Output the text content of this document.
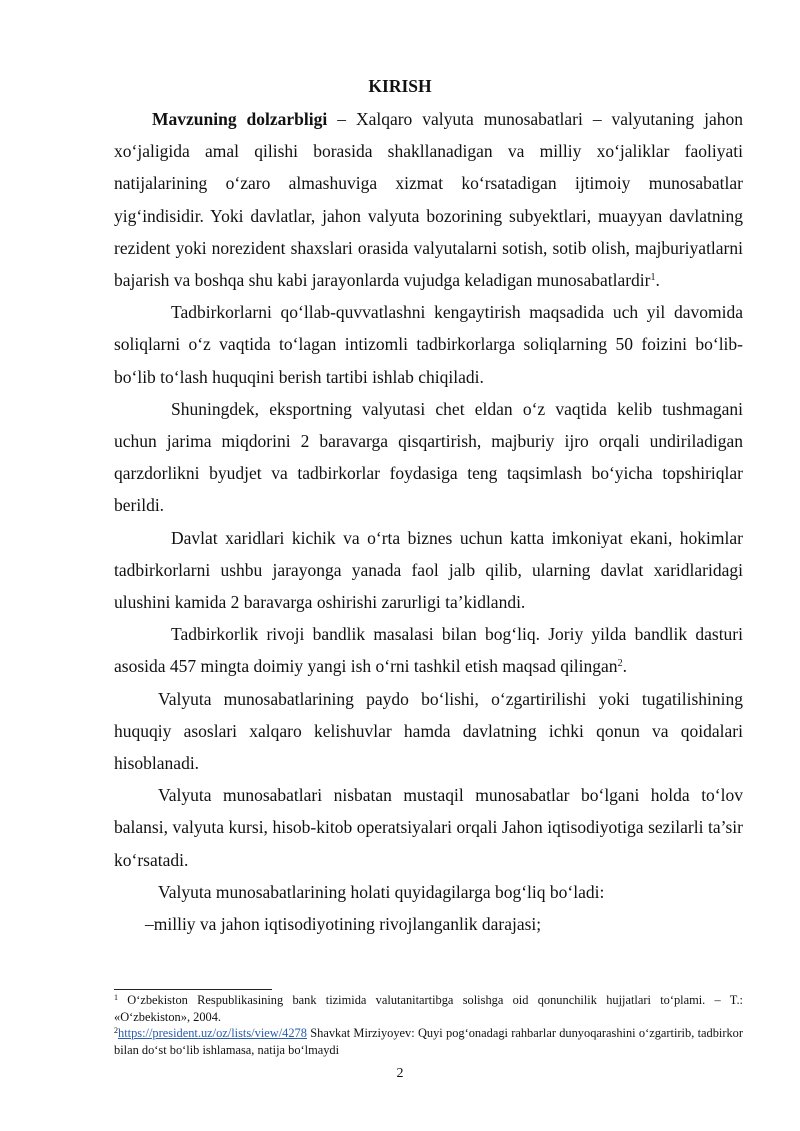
KIRISH

Mavzuning dolzarbligi – Xalqaro valyuta munosabatlari – valyutaning jahon xo‘jaligida amal qilishi borasida shakllanadigan va milliy xo‘jaliklar faoliyati natijalarining o‘zaro almashuviga xizmat ko‘rsatadigan ijtimoiy munosabatlar yig‘indisidir. Yoki davlatlar, jahon valyuta bozorining subyektlari, muayyan davlatning rezident yoki norezident shaxslari orasida valyutalarni sotish, sotib olish, majburiyatlarni bajarish va boshqa shu kabi jarayonlarda vujudga keladigan munosabatlardir$^1$.

Tadbirkorlarni qo‘llab-quvvatlashni kengaytirish maqsadida uch yil davomida soliqlarni o‘z vaqtida to‘lagan intizomli tadbirkorlarga soliqlarning 50 foizini bo‘lib-bo‘lib to‘lash huquqini berish tartibi ishlab chiqiladi.

Shuningdek, eksportning valyutasi chet eldan o‘z vaqtida kelib tushmagani uchun jarima miqdorini 2 baravarga qisqartirish, majburiy ijro orqali undiriladigan qarzdorlikni byudjet va tadbirkorlar foydasiga teng taqsimlash bo‘yicha topshiriqlar berildi.

Davlat xaridlari kichik va o‘rta biznes uchun katta imkoniyat ekani, hokimlar tadbirkorlarni ushbu jarayonga yanada faol jalb qilib, ularning davlat xaridlaridagi ulushini kamida 2 baravarga oshirishi zarurligi ta’kidlandi.

Tadbirkorlik rivoji bandlik masalasi bilan bog‘liq. Joriy yilda bandlik dasturi asosida 457 mingta doimiy yangi ish o‘rni tashkil etish maqsad qilingan$^2$.

Valyuta munosabatlarining paydo bo‘lishi, o‘zgartirilishi yoki tugatilishining huquqiy asoslari xalqaro kelishuvlar hamda davlatning ichki qonun va qoidalari hisoblanadi.

Valyuta munosabatlari nisbatan mustaqil munosabatlar bo‘lgani holda to‘lov balansi, valyuta kursi, hisob-kitob operatsiyalari orqali Jahon iqtisodiyotiga sezilarli ta’sir ko‘rsatadi.

Valyuta munosabatlarining holati quyidagilarga bog‘liq bo‘ladi:

–milliy va jahon iqtisodiyotining rivojlanganlik darajasi;

$^1$ O‘zbekiston Respublikasining bank tizimida valutanitartibga solishga oid qonunchilik hujjatlari to‘plami. – T.: «O‘zbekiston», 2004.

$^2$https://president.uz/oz/lists/view/4278 Shavkat Mirziyoyev: Quyi pog‘onadagi rahbarlar dunyoqarashini o‘zgartirib, tadbirkor bilan do‘st bo‘lib ishlamasa, natija bo‘lmaydi

2
